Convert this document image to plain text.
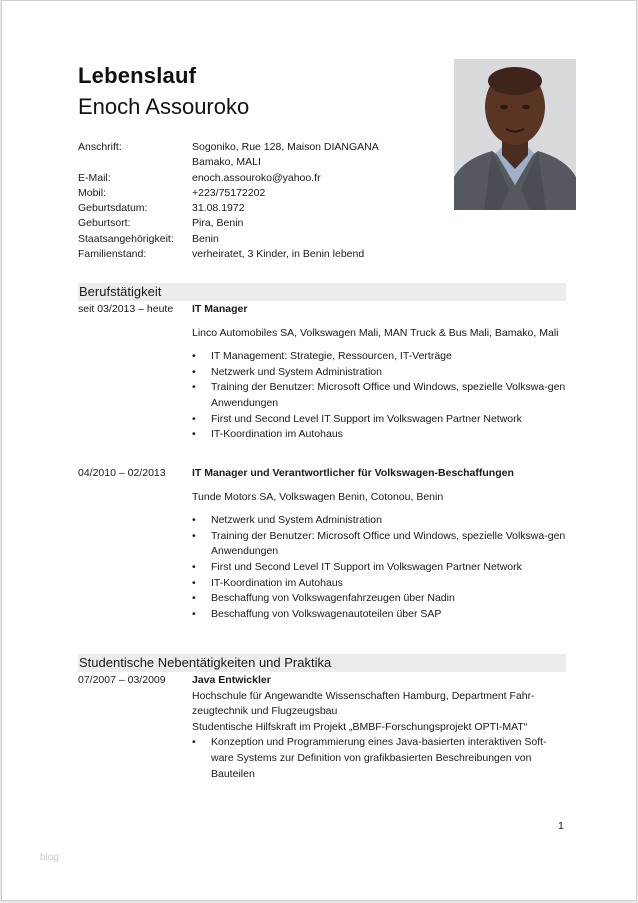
Lebenslauf
Enoch Assouroko
Anschrift:	Sogoniko, Rue 128, Maison DIANGANA
Bamako, MALI
E-Mail:	enoch.assouroko@yahoo.fr
Mobil:	+223/75172202
Geburtsdatum:	31.08.1972
Geburtsort:	Pira, Benin
Staatsangehörigkeit:	Benin
Familienstand:	verheiratet, 3 Kinder, in Benin lebend
Berufstätigkeit
seit 03/2013 – heute	IT Manager
Linco Automobiles SA, Volkswagen Mali, MAN Truck & Bus Mali, Bamako, Mali
• IT Management: Strategie, Ressourcen, IT-Verträge
• Netzwerk und System Administration
• Training der Benutzer: Microsoft Office und Windows, spezielle Volkswa-gen Anwendungen
• First und Second Level IT Support im Volkswagen Partner Network
• IT-Koordination im Autohaus
04/2010 – 02/2013	IT Manager und Verantwortlicher für Volkswagen-Beschaffungen
Tunde Motors SA, Volkswagen Benin, Cotonou, Benin
• Netzwerk und System Administration
• Training der Benutzer: Microsoft Office und Windows, spezielle Volkswa-gen Anwendungen
• First und Second Level IT Support im Volkswagen Partner Network
• IT-Koordination im Autohaus
• Beschaffung von Volkswagenfahrzeugen über Nadin
• Beschaffung von Volkswagenautoteilen über SAP
Studentische Nebentätigkeiten und Praktika
07/2007 – 03/2009	Java Entwickler
Hochschule für Angewandte Wissenschaften Hamburg, Department Fahr-zeugtechnik und Flugzeugsbau
Studentische Hilfskraft im Projekt „BMBF-Forschungsprojekt OPTI-MAT“
• Konzeption und Programmierung eines Java-basierten interaktiven Soft-ware Systems zur Definition von grafikbasierten Beschreibungen von Bauteilen
1
blog
